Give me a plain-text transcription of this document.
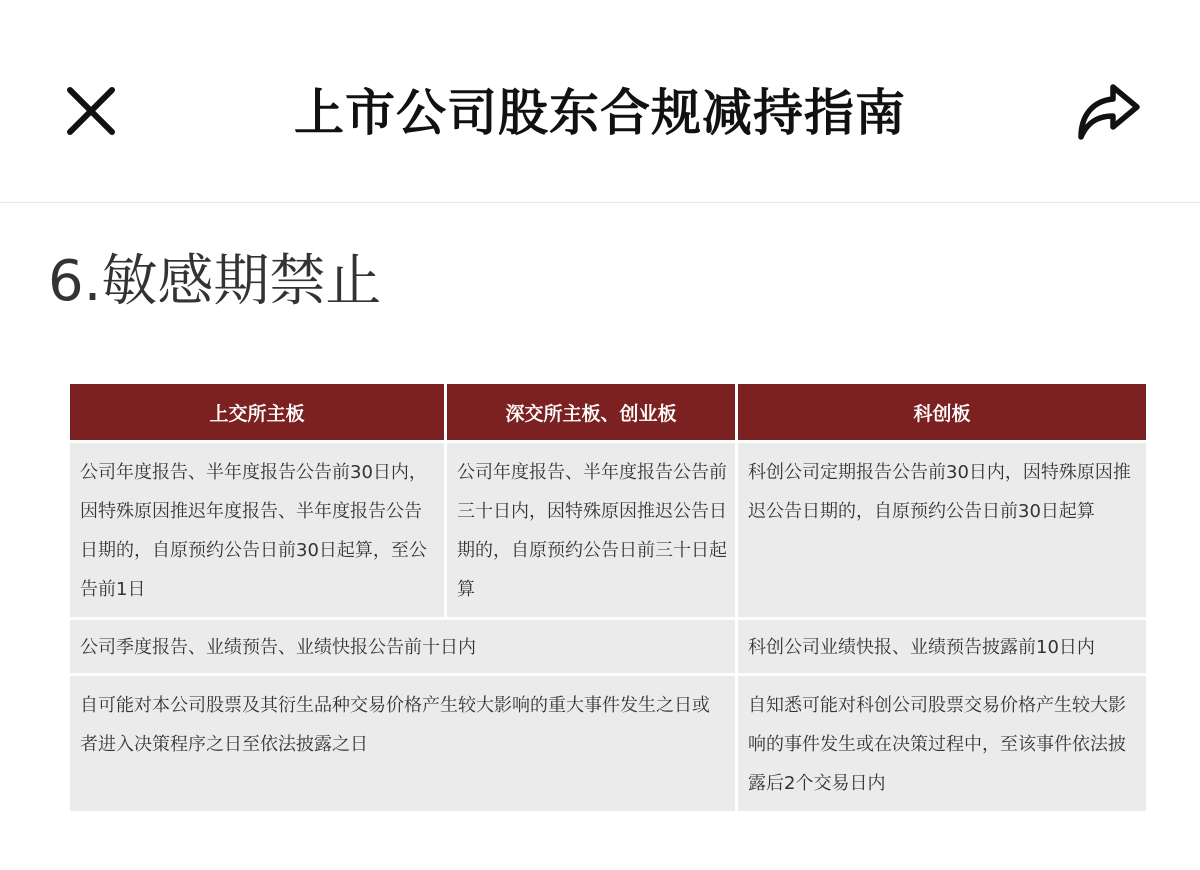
上市公司股东合规减持指南
6.敏感期禁止
上交所主板	深交所主板、创业板	科创板
公司年度报告、半年度报告公告前30日内，因特殊原因推迟年度报告、半年度报告公告日期的，自原预约公告日前30日起算，至公告前1日	公司年度报告、半年度报告公告前三十日内，因特殊原因推迟公告日期的，自原预约公告日前三十日起算	科创公司定期报告公告前30日内，因特殊原因推迟公告日期的，自原预约公告日前30日起算
公司季度报告、业绩预告、业绩快报公告前十日内		科创公司业绩快报、业绩预告披露前10日内
自可能对本公司股票及其衍生品种交易价格产生较大影响的重大事件发生之日或者进入决策程序之日至依法披露之日		自知悉可能对科创公司股票交易价格产生较大影响的事件发生或在决策过程中，至该事件依法披露后2个交易日内
